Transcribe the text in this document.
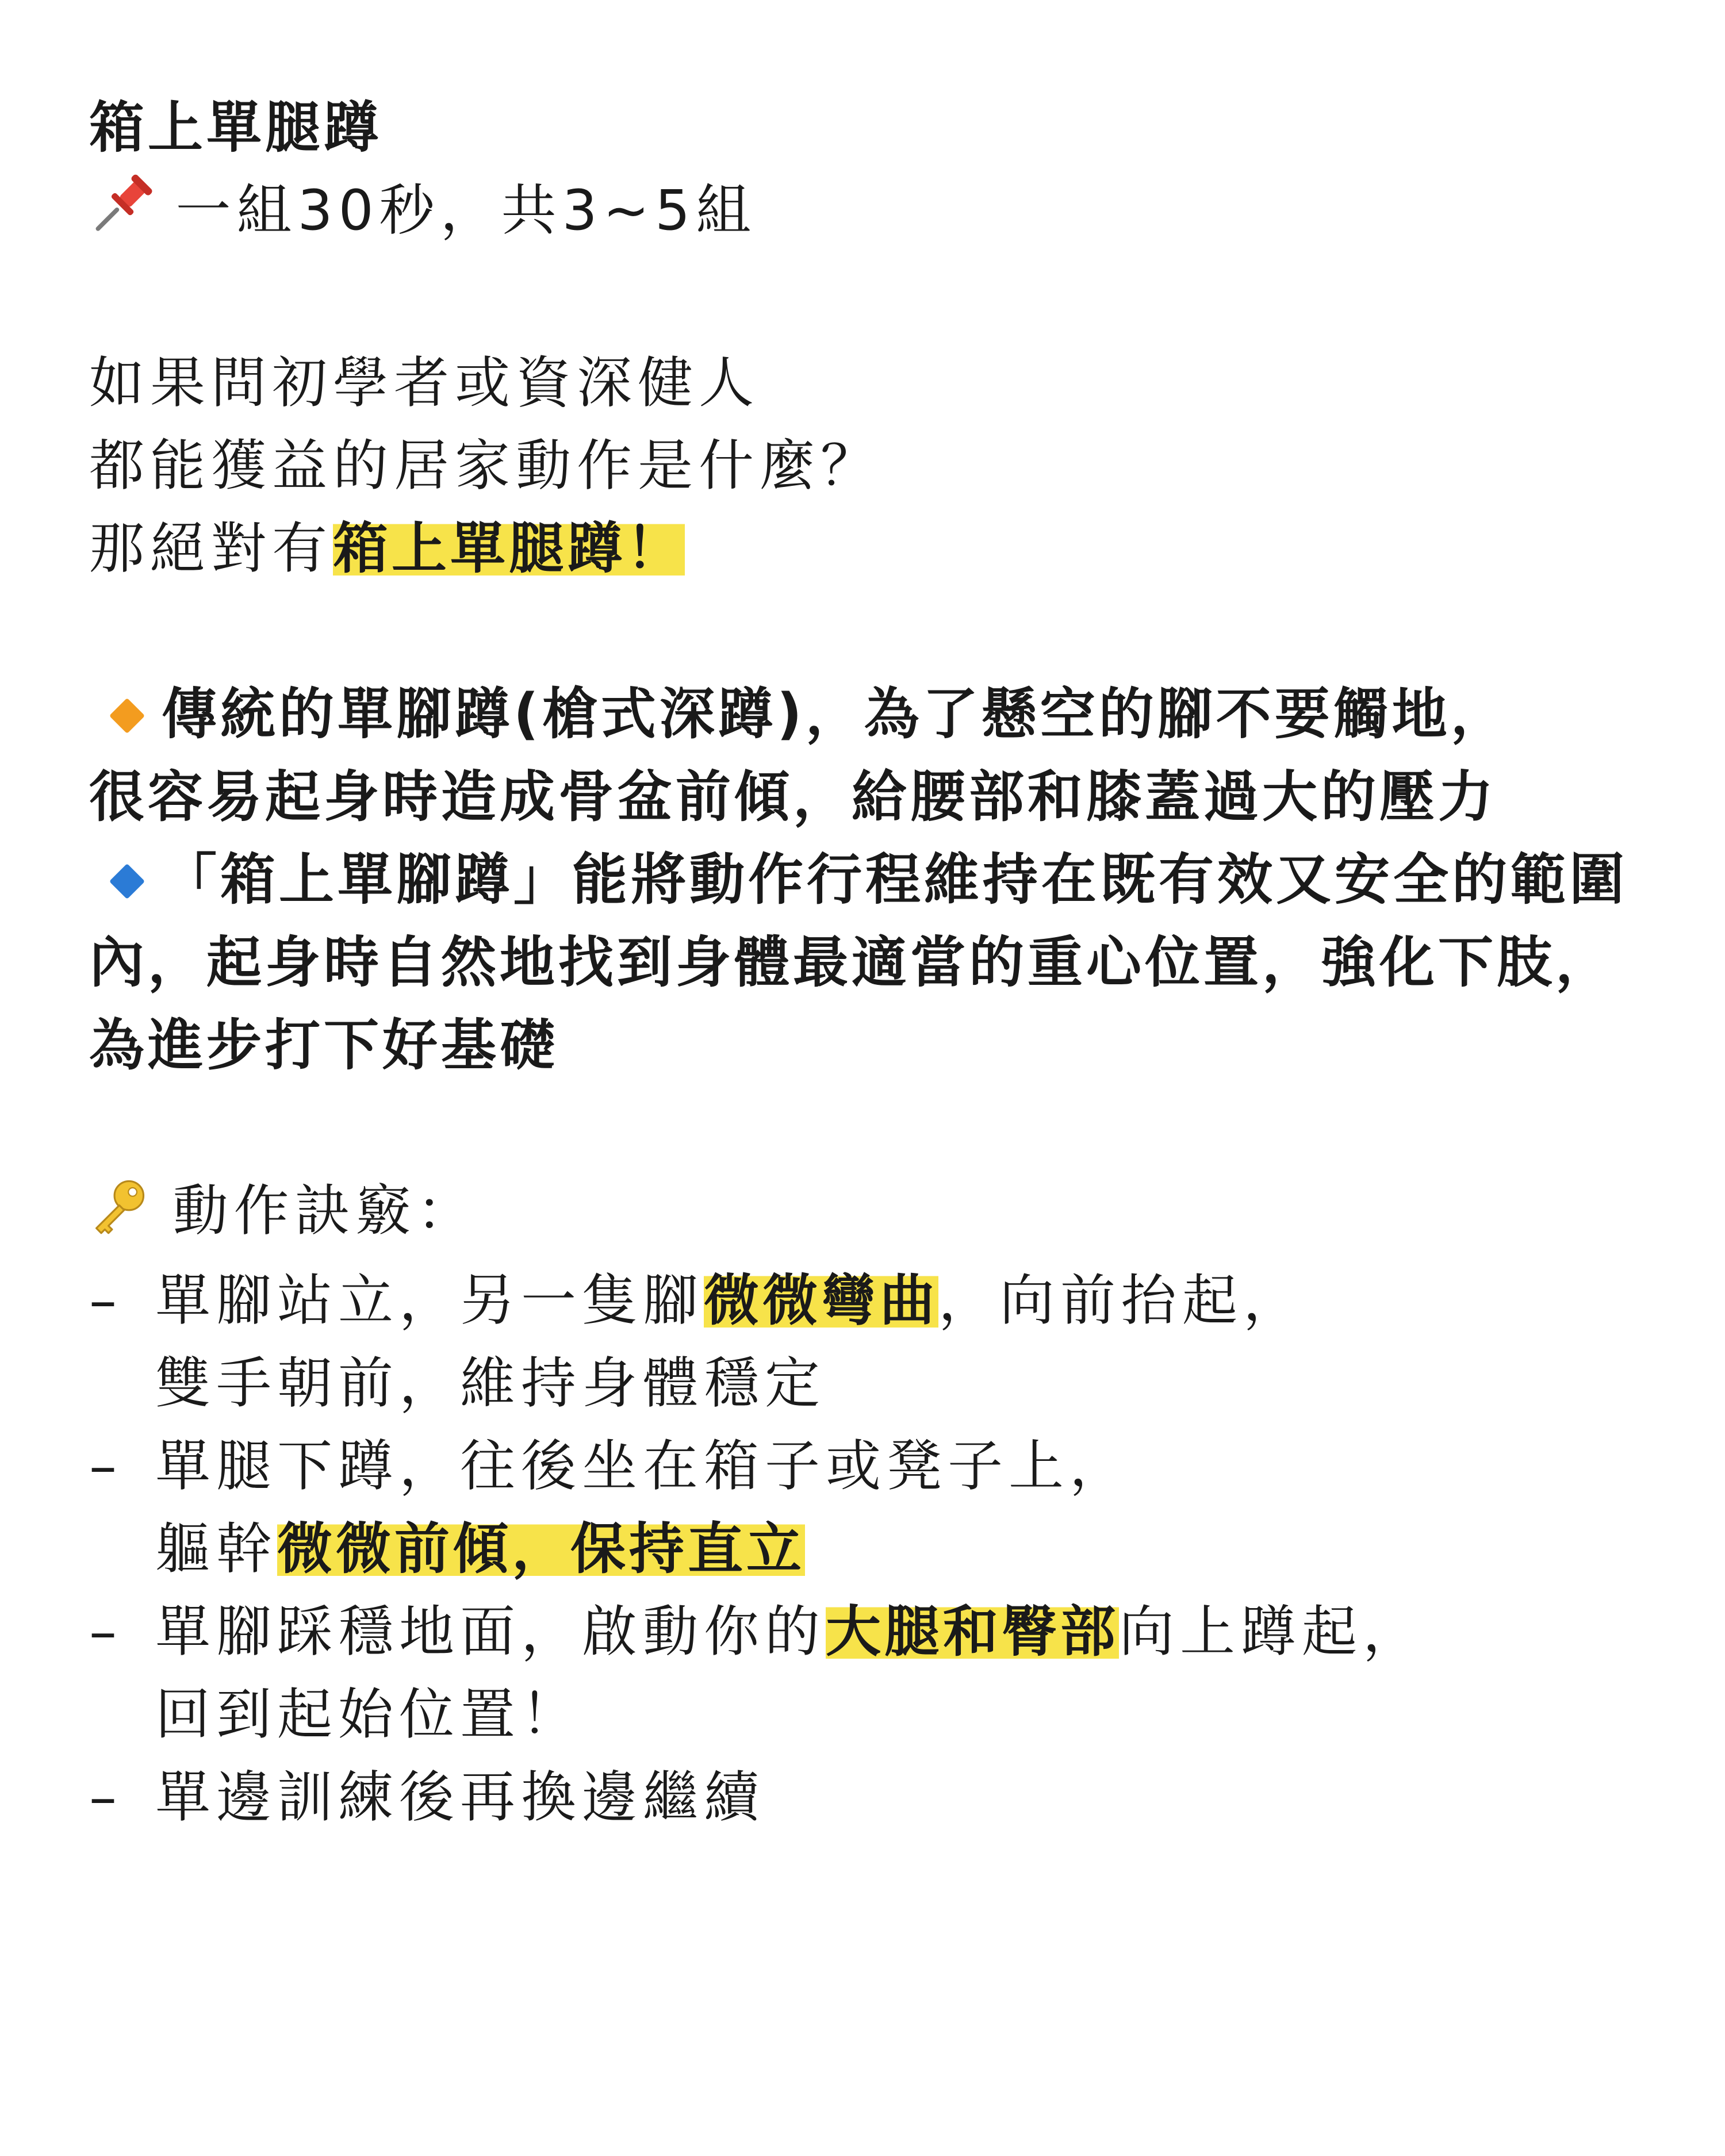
箱上單腿蹲
一組30秒，共3~5組
如果問初學者或資深健人
都能獲益的居家動作是什麼？
那絕對有箱上單腿蹲！
傳統的單腳蹲(槍式深蹲)，為了懸空的腳不要觸地，
很容易起身時造成骨盆前傾，給腰部和膝蓋過大的壓力
「箱上單腳蹲」能將動作行程維持在既有效又安全的範圍
內，起身時自然地找到身體最適當的重心位置，強化下肢，
為進步打下好基礎
動作訣竅：
– 單腳站立，另一隻腳微微彎曲，向前抬起，
雙手朝前，維持身體穩定
– 單腿下蹲，往後坐在箱子或凳子上，
軀幹微微前傾，保持直立
– 單腳踩穩地面，啟動你的大腿和臀部向上蹲起，
回到起始位置！
– 單邊訓練後再換邊繼續
